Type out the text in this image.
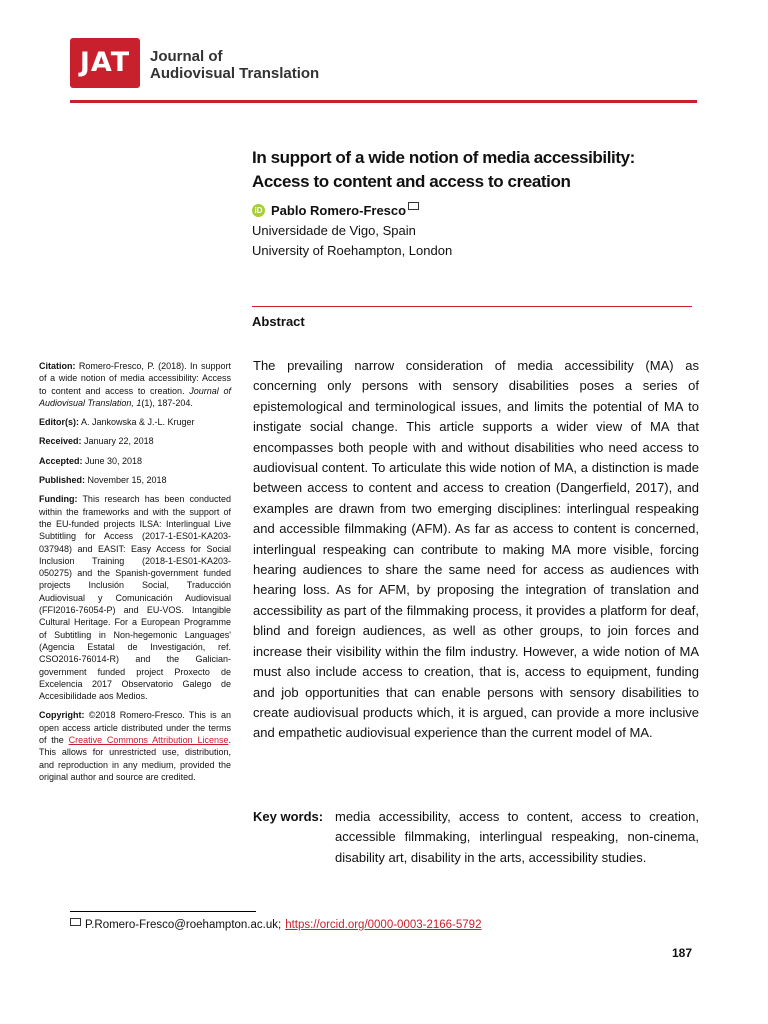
JAT	Journal of
Audiovisual Translation
In support of a wide notion of media accessibility:
Access to content and access to creation
iD Pablo Romero-Fresco
Universidade de Vigo, Spain
University of Roehampton, London
Abstract
The prevailing narrow consideration of media accessibility (MA) as concerning only persons with sensory disabilities poses a series of epistemological and terminological issues, and limits the potential of MA to instigate social change. This article supports a wider view of MA that encompasses both people with and without disabilities who need access to audiovisual content. To articulate this wide notion of MA, a distinction is made between access to content and access to creation (Dangerfield, 2017), and examples are drawn from two emerging disciplines: interlingual respeaking and accessible filmmaking (AFM). As far as access to content is concerned, interlingual respeaking can contribute to making MA more visible, forcing hearing audiences to share the same need for access as audiences with hearing loss. As for AFM, by proposing the integration of translation and accessibility as part of the filmmaking process, it provides a platform for deaf, blind and foreign audiences, as well as other groups, to join forces and increase their visibility within the film industry. However, a wide notion of MA must also include access to creation, that is, access to equipment, funding and job opportunities that can enable persons with sensory disabilities to create audiovisual products which, it is argued, can provide a more inclusive and empathetic audiovisual experience than the current model of MA.
Key words: media accessibility, access to content, access to creation, accessible filmmaking, interlingual respeaking, non-cinema, disability art, disability in the arts, accessibility studies.

Citation: Romero-Fresco, P. (2018). In support of a wide notion of media accessibility: Access to content and access to creation. Journal of Audiovisual Translation, 1(1), 187-204.

Editor(s): A. Jankowska & J.-L. Kruger

Received: January 22, 2018

Accepted: June 30, 2018

Published: November 15, 2018

Funding: This research has been conducted within the frameworks and with the support of the EU-funded projects ILSA: Interlingual Live Subtitling for Access (2017-1-ES01-KA203-037948) and EASIT: Easy Access for Social Inclusion Training (2018-1-ES01-KA203-050275) and the Spanish-government funded projects Inclusión Social, Traducción Audiovisual y Comunicación Audiovisual (FFI2016-76054-P) and EU-VOS. Intangible Cultural Heritage. For a European Programme of Subtitling in Non-hegemonic Languages' (Agencia Estatal de Investigación, ref. CSO2016-76014-R) and the Galician-government funded project Proxecto de Excelencia 2017 Observatorio Galego de Accesibilidade aos Medios.

Copyright: ©2018 Romero-Fresco. This is an open access article distributed under the terms of the Creative Commons Attribution License. This allows for unrestricted use, distribution, and reproduction in any medium, provided the original author and source are credited.

P.Romero-Fresco@roehampton.ac.uk; https://orcid.org/0000-0003-2166-5792
187
